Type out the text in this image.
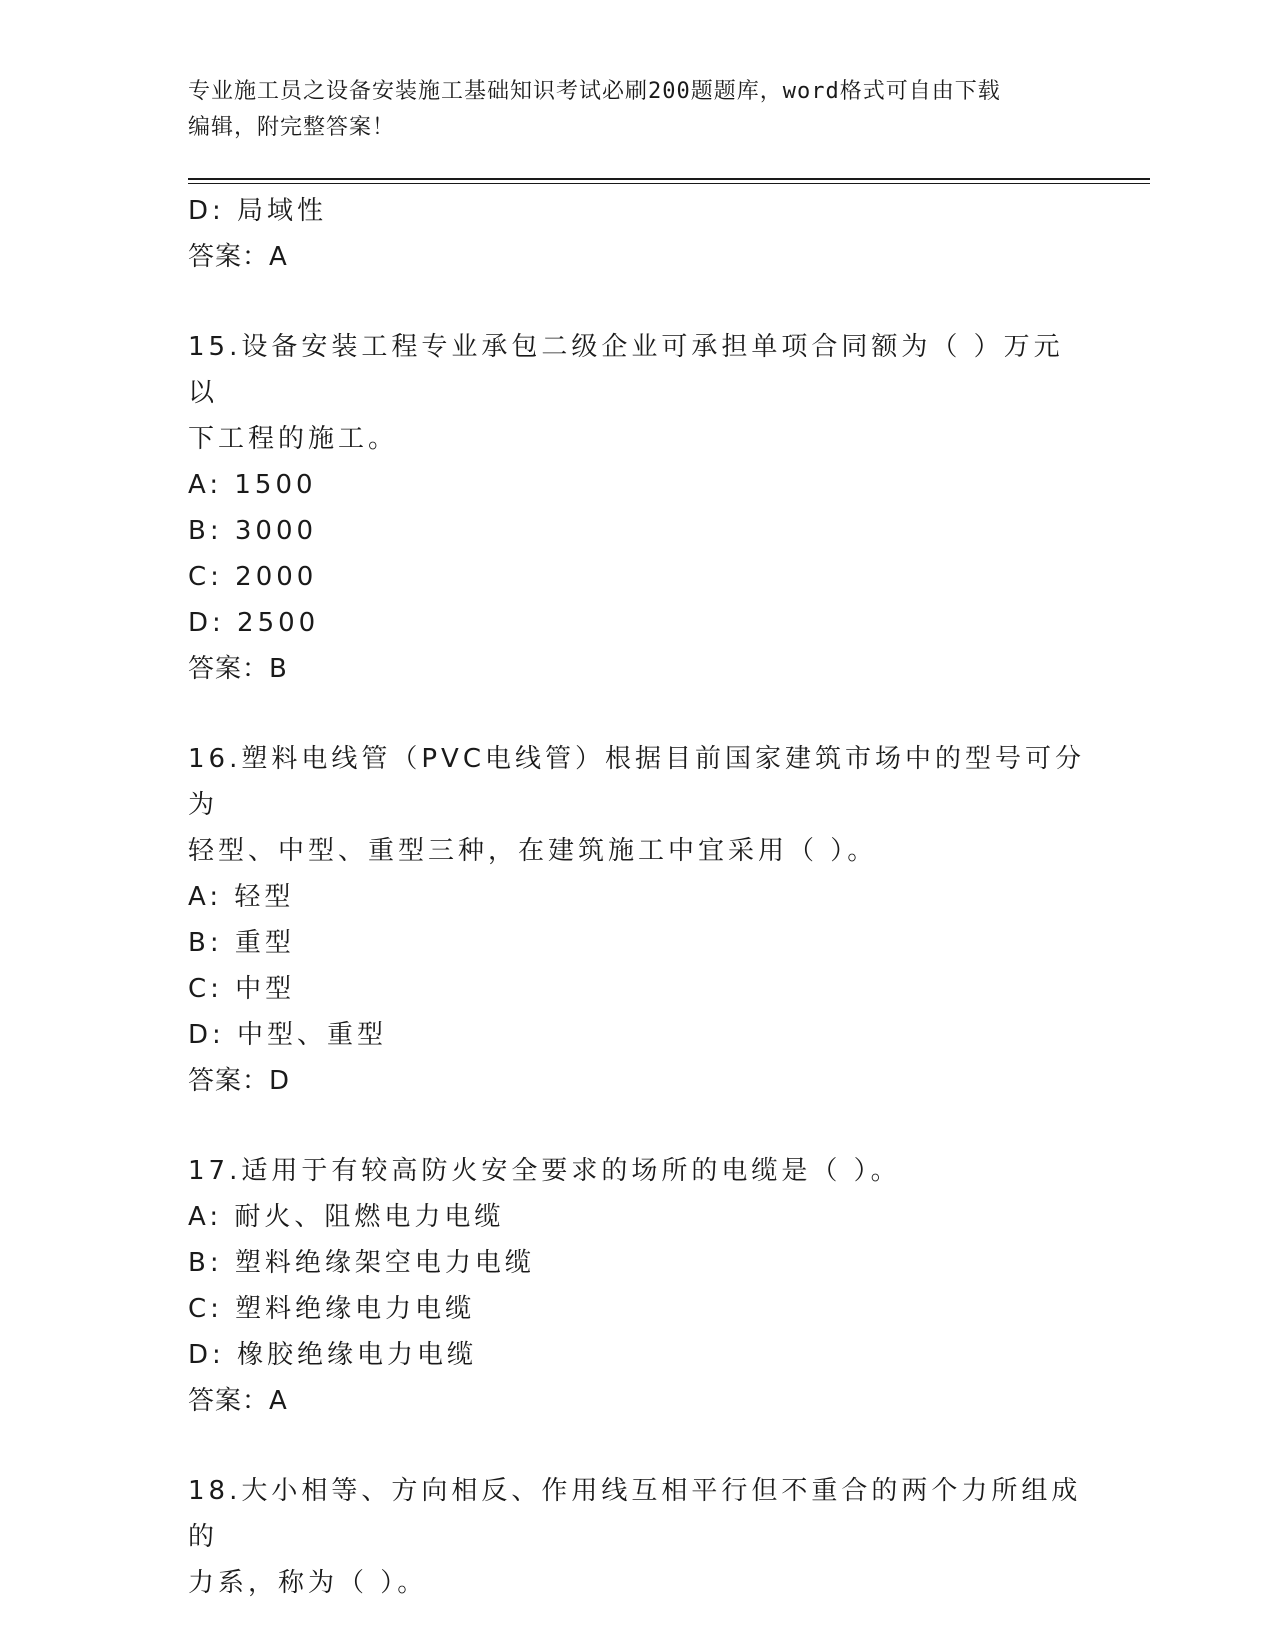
专业施工员之设备安装施工基础知识考试必刷200题题库，word格式可自由下载
编辑，附完整答案！
D: 局域性
答案：A
15.设备安装工程专业承包二级企业可承担单项合同额为（ ）万元以
下工程的施工。
A: 1500
B: 3000
C: 2000
D: 2500
答案：B
16.塑料电线管（PVC电线管）根据目前国家建筑市场中的型号可分为
轻型、中型、重型三种，在建筑施工中宜采用（ ）。
A: 轻型
B: 重型
C: 中型
D: 中型、重型
答案：D
17.适用于有较高防火安全要求的场所的电缆是（ ）。
A: 耐火、阻燃电力电缆
B: 塑料绝缘架空电力电缆
C: 塑料绝缘电力电缆
D: 橡胶绝缘电力电缆
答案：A
18.大小相等、方向相反、作用线互相平行但不重合的两个力所组成的
力系，称为（ ）。
